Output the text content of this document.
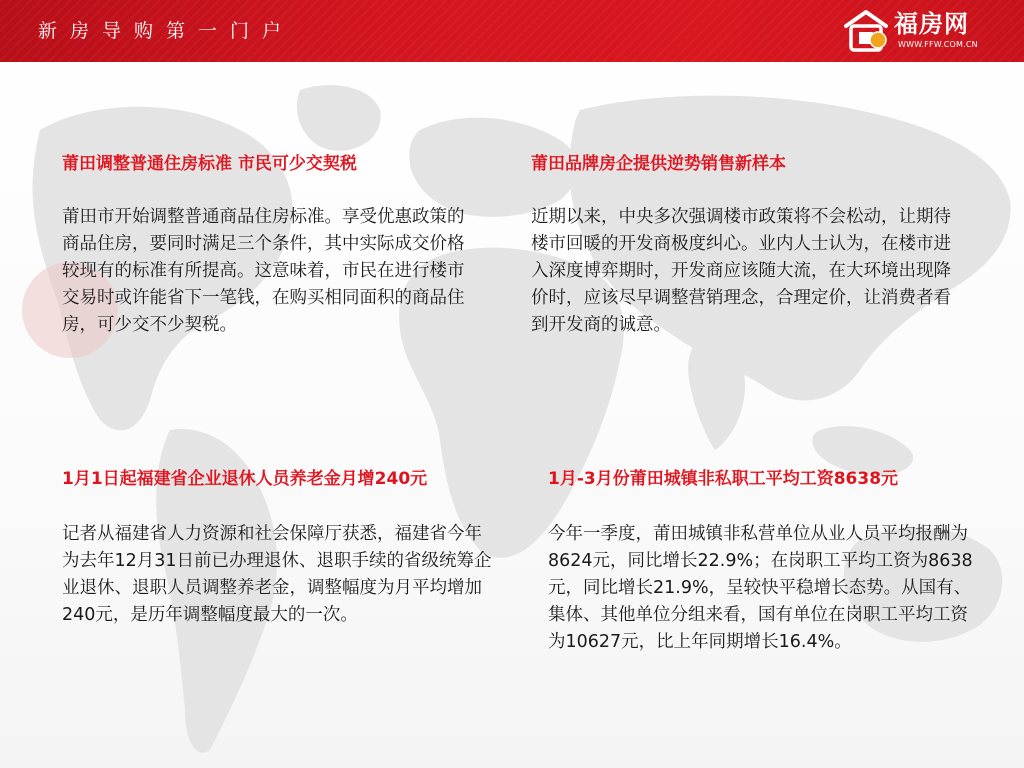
新房导购第一门户	福房网
WWW.FFW.COM.CN

莆田调整普通住房标准 市民可少交契税

莆田市开始调整普通商品住房标准。享受优惠政策的商品住房，要同时满足三个条件，其中实际成交价格较现有的标准有所提高。这意味着，市民在进行楼市交易时或许能省下一笔钱，在购买相同面积的商品住房，可少交不少契税。

莆田品牌房企提供逆势销售新样本

近期以来，中央多次强调楼市政策将不会松动，让期待楼市回暖的开发商极度纠心。业内人士认为，在楼市进入深度博弈期时，开发商应该随大流，在大环境出现降价时，应该尽早调整营销理念，合理定价，让消费者看到开发商的诚意。

1月1日起福建省企业退休人员养老金月增240元

记者从福建省人力资源和社会保障厅获悉，福建省今年为去年12月31日前已办理退休、退职手续的省级统筹企业退休、退职人员调整养老金，调整幅度为月平均增加240元，是历年调整幅度最大的一次。

1月-3月份莆田城镇非私职工平均工资8638元

今年一季度，莆田城镇非私营单位从业人员平均报酬为8624元，同比增长22.9%；在岗职工平均工资为8638元，同比增长21.9%，呈较快平稳增长态势。从国有、集体、其他单位分组来看，国有单位在岗职工平均工资为10627元，比上年同期增长16.4%。
